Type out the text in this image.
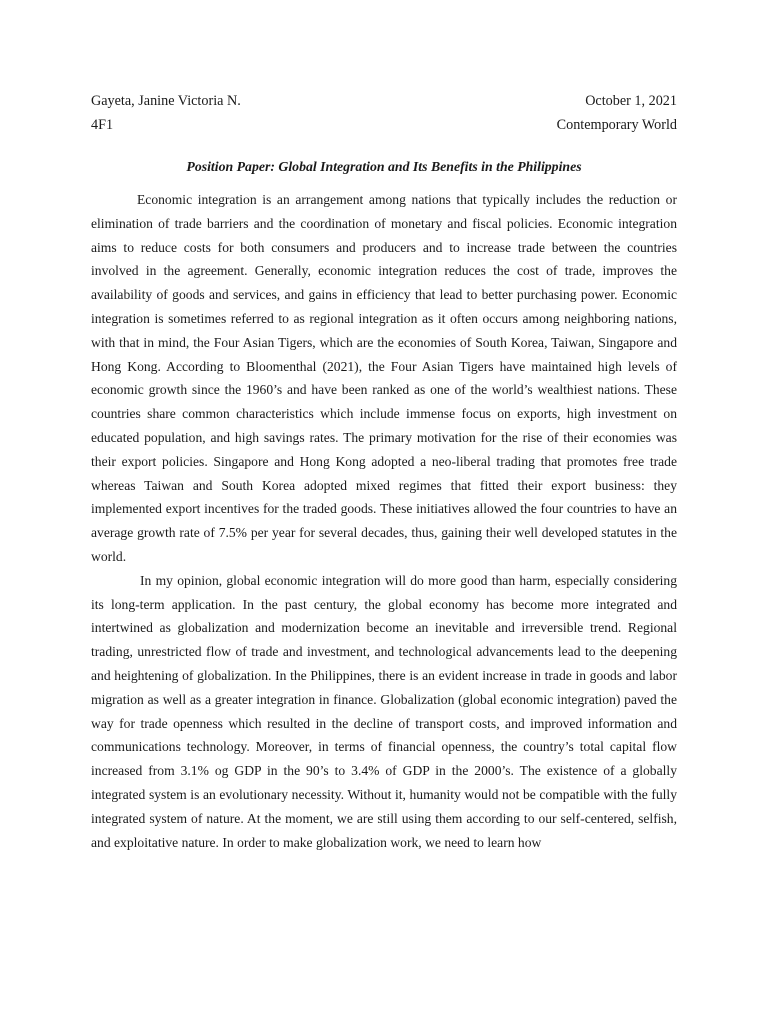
Gayeta, Janine Victoria N.	October 1, 2021
4F1	Contemporary World
Position Paper: Global Integration and Its Benefits in the Philippines

Economic integration is an arrangement among nations that typically includes the reduction or elimination of trade barriers and the coordination of monetary and fiscal policies. Economic integration aims to reduce costs for both consumers and producers and to increase trade between the countries involved in the agreement. Generally, economic integration reduces the cost of trade, improves the availability of goods and services, and gains in efficiency that lead to better purchasing power. Economic integration is sometimes referred to as regional integration as it often occurs among neighboring nations, with that in mind, the Four Asian Tigers, which are the economies of South Korea, Taiwan, Singapore and Hong Kong. According to Bloomenthal (2021), the Four Asian Tigers have maintained high levels of economic growth since the 1960’s and have been ranked as one of the world’s wealthiest nations. These countries share common characteristics which include immense focus on exports, high investment on educated population, and high savings rates. The primary motivation for the rise of their economies was their export policies. Singapore and Hong Kong adopted a neo-liberal trading that promotes free trade whereas Taiwan and South Korea adopted mixed regimes that fitted their export business: they implemented export incentives for the traded goods. These initiatives allowed the four countries to have an average growth rate of 7.5% per year for several decades, thus, gaining their well developed statutes in the world.

In my opinion, global economic integration will do more good than harm, especially considering its long-term application. In the past century, the global economy has become more integrated and intertwined as globalization and modernization become an inevitable and irreversible trend. Regional trading, unrestricted flow of trade and investment, and technological advancements lead to the deepening and heightening of globalization. In the Philippines, there is an evident increase in trade in goods and labor migration as well as a greater integration in finance. Globalization (global economic integration) paved the way for trade openness which resulted in the decline of transport costs, and improved information and communications technology. Moreover, in terms of financial openness, the country’s total capital flow increased from 3.1% og GDP in the 90’s to 3.4% of GDP in the 2000’s. The existence of a globally integrated system is an evolutionary necessity. Without it, humanity would not be compatible with the fully integrated system of nature. At the moment, we are still using them according to our self-centered, selfish, and exploitative nature. In order to make globalization work, we need to learn how
